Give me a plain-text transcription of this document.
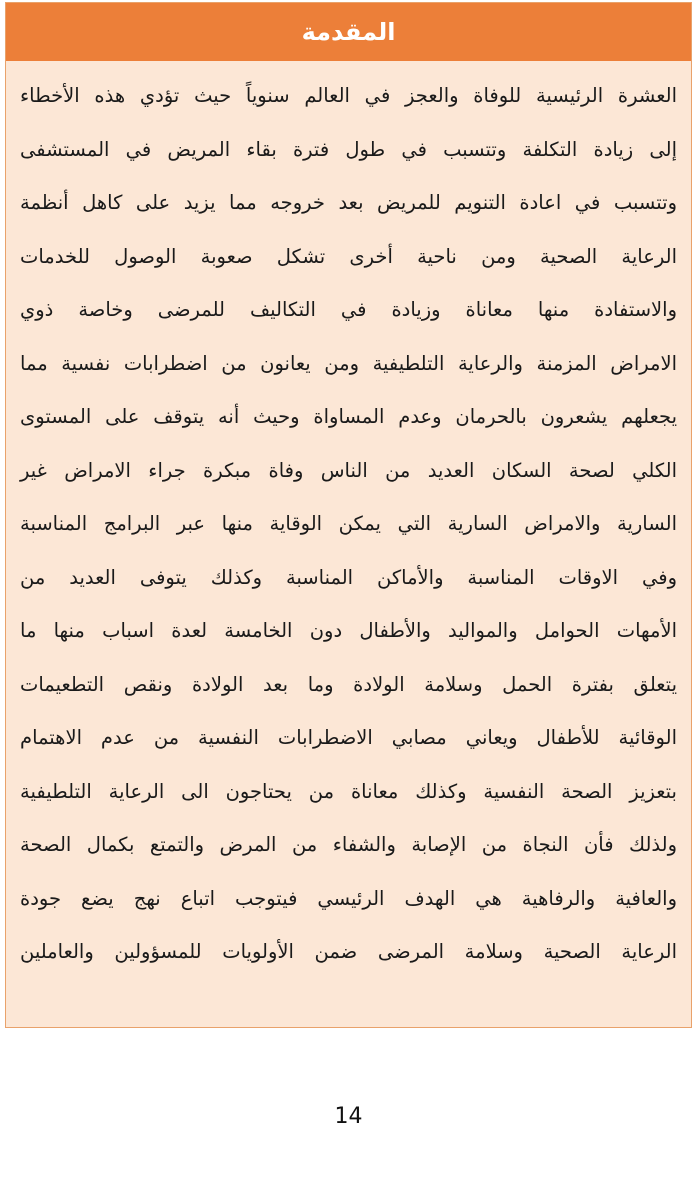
المقدمة
العشرة الرئيسية للوفاة والعجز في العالم سنوياً حيث تؤدي هذه الأخطاء
إلى زيادة التكلفة وتتسبب في طول فترة بقاء المريض في المستشفى
وتتسبب في اعادة التنويم للمريض بعد خروجه مما يزيد على كاهل أنظمة
الرعاية الصحية ومن ناحية أخرى تشكل صعوبة الوصول للخدمات
والاستفادة منها معاناة وزيادة في التكاليف للمرضى وخاصة ذوي
الامراض المزمنة والرعاية التلطيفية ومن يعانون من اضطرابات نفسية مما
يجعلهم يشعرون بالحرمان وعدم المساواة وحيث أنه يتوقف على المستوى
الكلي لصحة السكان العديد من الناس وفاة مبكرة جراء الامراض غير
السارية والامراض السارية التي يمكن الوقاية منها عبر البرامج المناسبة
وفي الاوقات المناسبة والأماكن المناسبة وكذلك يتوفى العديد من
الأمهات الحوامل والمواليد والأطفال دون الخامسة لعدة اسباب منها ما
يتعلق بفترة الحمل وسلامة الولادة وما بعد الولادة ونقص التطعيمات
الوقائية للأطفال ويعاني مصابي الاضطرابات النفسية من عدم الاهتمام
بتعزيز الصحة النفسية وكذلك معاناة من يحتاجون الى الرعاية التلطيفية
ولذلك فأن النجاة من الإصابة والشفاء من المرض والتمتع بكمال الصحة
والعافية والرفاهية هي الهدف الرئيسي فيتوجب اتباع نهج يضع جودة
الرعاية الصحية وسلامة المرضى ضمن الأولويات للمسؤولين والعاملين
14
